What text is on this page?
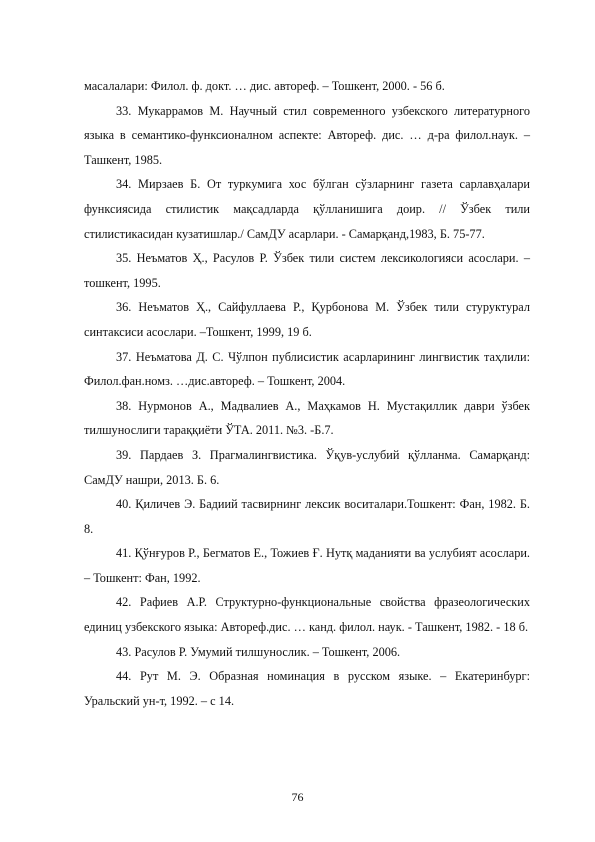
масалалари: Филол. ф. докт. … дис. автореф. – Тошкент, 2000. - 56 б.

33. Мукаррамов М. Научный стил современного узбекского литературного языка в семантико-функсионалном аспекте: Автореф. дис. … д-ра филол.наук. – Ташкент, 1985.

34. Мирзаев Б. От туркумига хос бўлган сўзларнинг газета сарлавҳалари функсиясида стилистик мақсадларда қўлланишига доир. // Ўзбек тили стилистикасидан кузатишлар./ СамДУ асарлари. - Самарқанд,1983, Б. 75-77.

35. Неъматов Ҳ., Расулов Р. Ўзбек тили систем лексикологияси асослари. – тошкент, 1995.

36. Неъматов Ҳ., Сайфуллаева Р., Қурбонова М. Ўзбек тили стуруктурал синтаксиси асослари. –Тошкент, 1999, 19 б.

37. Неъматова Д. С. Чўлпон публисистик асарларининг лингвистик таҳлили: Филол.фан.номз. …дис.автореф. – Тошкент, 2004.

38. Нурмонов А., Мадвалиев А., Маҳкамов Н. Мустақиллик даври ўзбек тилшунослиги тараққиёти ЎТА. 2011. №3. -Б.7.

39. Пардаев З. Прагмалингвистика. Ўқув-услубий қўлланма. Самарқанд: СамДУ нашри, 2013. Б. 6.

40. Қиличев Э. Бадиий тасвирнинг лексик воситалари.Тошкент: Фан, 1982. Б. 8.

41. Қўнғуров Р., Бегматов Е., Тожиев Ғ. Нутқ маданияти ва услубият асослари. – Тошкент: Фан, 1992.

42. Рафиев А.Р. Структурно-функциональные свойства фразеологических единиц узбекского языка: Автореф.дис. … канд. филол. наук. - Ташкент, 1982. - 18 б.

43. Расулов Р. Умумий тилшунослик. – Тошкент, 2006.

44. Рут М. Э. Образная номинация в русском языке. – Екатеринбург: Уральский ун-т, 1992. – с 14.

76
